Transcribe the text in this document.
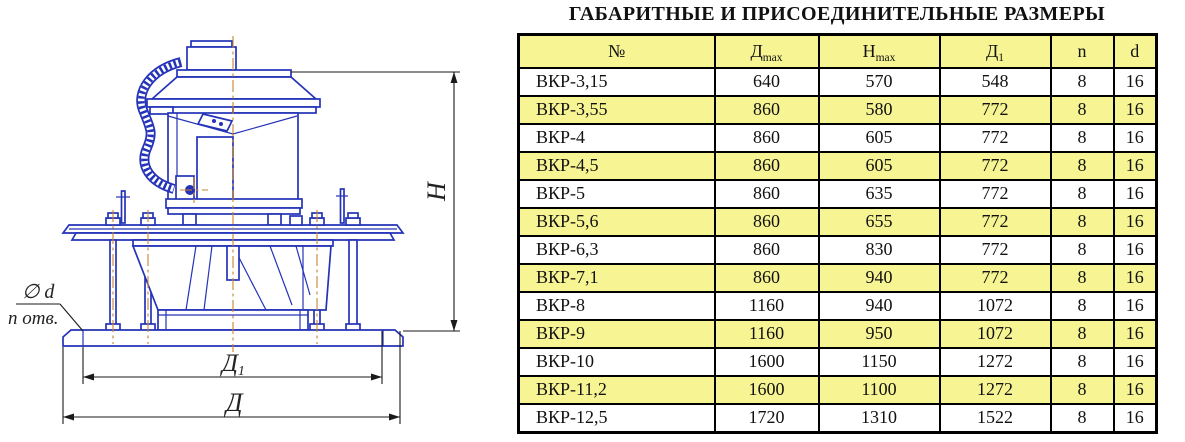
H
Д1
Д
∅ d
n отв.
ГАБАРИТНЫЕ И ПРИСОЕДИНИТЕЛЬНЫЕ РАЗМЕРЫ
№	$Д_{max}$	$H_{max}$	$Д_1$	n	d
ВКР-3,15	640	570	548	8	16
ВКР-3,55	860	580	772	8	16
ВКР-4	860	605	772	8	16
ВКР-4,5	860	605	772	8	16
ВКР-5	860	635	772	8	16
ВКР-5,6	860	655	772	8	16
ВКР-6,3	860	830	772	8	16
ВКР-7,1	860	940	772	8	16
ВКР-8	1160	940	1072	8	16
ВКР-9	1160	950	1072	8	16
ВКР-10	1600	1150	1272	8	16
ВКР-11,2	1600	1100	1272	8	16
ВКР-12,5	1720	1310	1522	8	16
